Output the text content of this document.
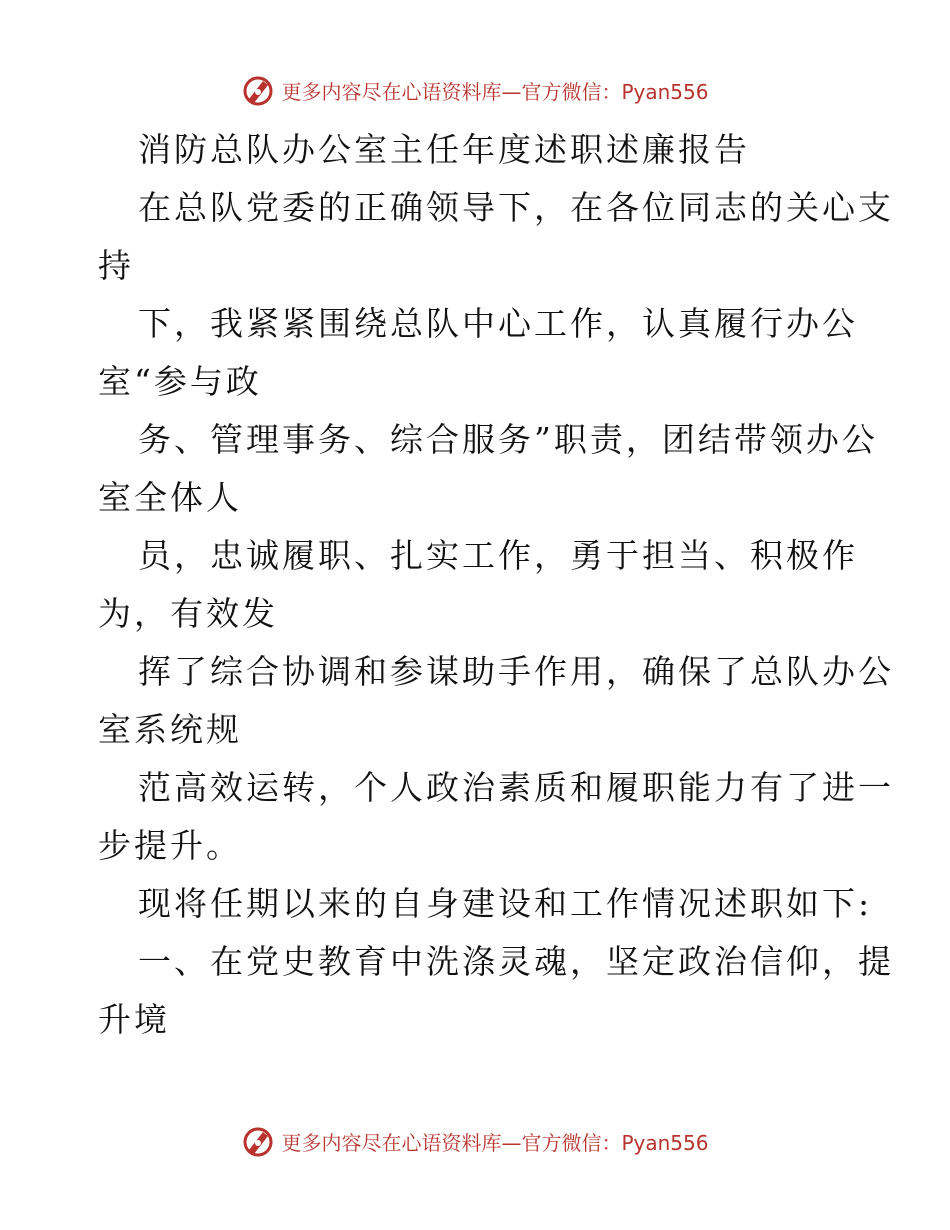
更多内容尽在心语资料库—官方微信：Pyan556
消防总队办公室主任年度述职述廉报告
在总队党委的正确领导下，在各位同志的关心支
持
下，我紧紧围绕总队中心工作，认真履行办公
室“参与政
务、管理事务、综合服务”职责，团结带领办公
室全体人
员，忠诚履职、扎实工作，勇于担当、积极作
为，有效发
挥了综合协调和参谋助手作用，确保了总队办公
室系统规
范高效运转，个人政治素质和履职能力有了进一
步提升。
现将任期以来的自身建设和工作情况述职如下:
一、在党史教育中洗涤灵魂，坚定政治信仰，提
升境
更多内容尽在心语资料库—官方微信：Pyan556
